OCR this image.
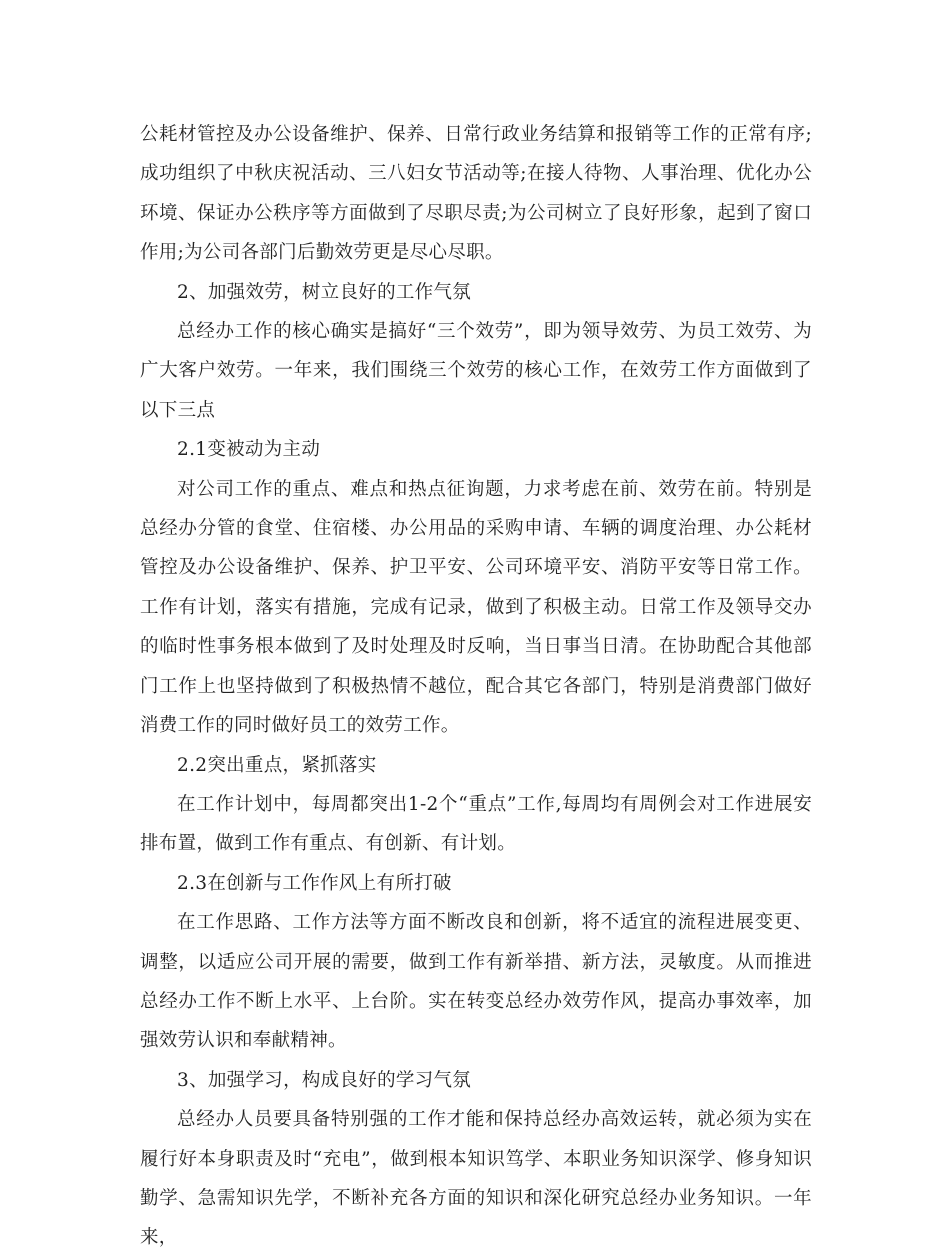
公耗材管控及办公设备维护、保养、日常行政业务结算和报销等工作的正常有序;成功组织了中秋庆祝活动、三八妇女节活动等;在接人待物、人事治理、优化办公环境、保证办公秩序等方面做到了尽职尽责;为公司树立了良好形象，起到了窗口作用;为公司各部门后勤效劳更是尽心尽职。

2、加强效劳，树立良好的工作气氛

总经办工作的核心确实是搞好“三个效劳”，即为领导效劳、为员工效劳、为广大客户效劳。一年来，我们围绕三个效劳的核心工作，在效劳工作方面做到了以下三点

2.1变被动为主动

对公司工作的重点、难点和热点征询题，力求考虑在前、效劳在前。特别是总经办分管的食堂、住宿楼、办公用品的采购申请、车辆的调度治理、办公耗材管控及办公设备维护、保养、护卫平安、公司环境平安、消防平安等日常工作。工作有计划，落实有措施，完成有记录，做到了积极主动。日常工作及领导交办的临时性事务根本做到了及时处理及时反响，当日事当日清。在协助配合其他部门工作上也坚持做到了积极热情不越位，配合其它各部门，特别是消费部门做好消费工作的同时做好员工的效劳工作。

2.2突出重点，紧抓落实

在工作计划中，每周都突出1-2个“重点”工作,每周均有周例会对工作进展安排布置，做到工作有重点、有创新、有计划。

2.3在创新与工作作风上有所打破

在工作思路、工作方法等方面不断改良和创新，将不适宜的流程进展变更、调整，以适应公司开展的需要，做到工作有新举措、新方法，灵敏度。从而推进总经办工作不断上水平、上台阶。实在转变总经办效劳作风，提高办事效率，加强效劳认识和奉献精神。

3、加强学习，构成良好的学习气氛

总经办人员要具备特别强的工作才能和保持总经办高效运转，就必须为实在履行好本身职责及时“充电”，做到根本知识笃学、本职业务知识深学、修身知识勤学、急需知识先学，不断补充各方面的知识和深化研究总经办业务知识。一年来，
